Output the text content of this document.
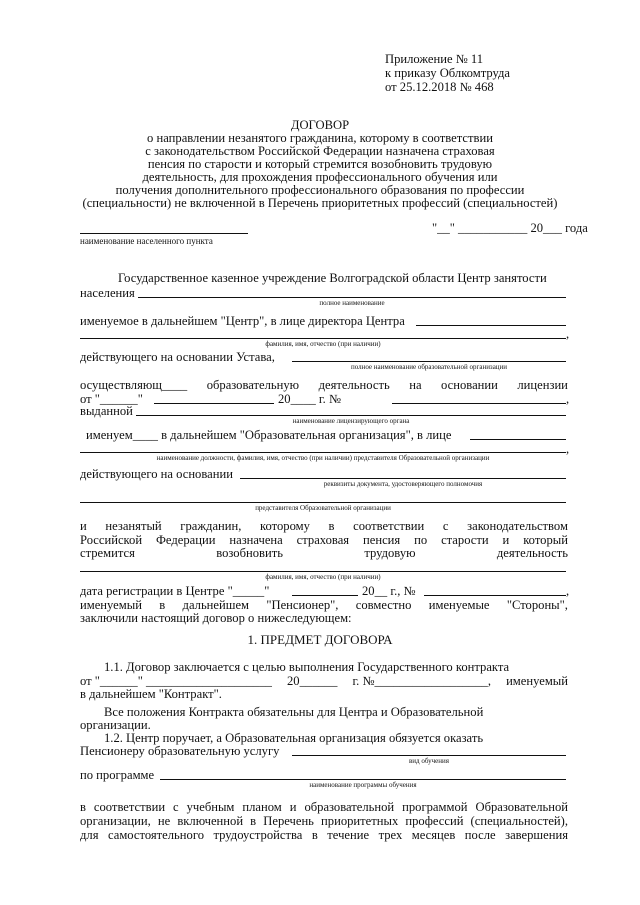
Приложение № 11
к приказу Облкомтруда
от 25.12.2018 № 468
ДОГОВОР
о направлении незанятого гражданина, которому в соответствии
с законодательством Российской Федерации назначена страховая
пенсия по старости и который стремится возобновить трудовую
деятельность, для прохождения профессионального обучения или
получения дополнительного профессионального образования по профессии
(специальности) не включенной в Перечень приоритетных профессий (специальностей)
наименование населенного пункта
"__" ___________ 20___ года
Государственное казенное учреждение Волгоградской области Центр занятости
населения
полное наименование
именуемое в дальнейшем "Центр", в лице директора Центра
,
фамилия, имя, отчество (при наличии)
действующего на основании Устава,
полное наименование образовательной организации
осуществляющ____ образовательную деятельность на основании лицензии
от "______"	20____ г. №	,
выданной
наименование лицензирующего органа
именуем____ в дальнейшем "Образовательная организация", в лице
,
наименование должности, фамилия, имя, отчество (при наличии) представителя Образовательной организации
действующего на основании
реквизиты документа, удостоверяющего полномочия
представителя Образовательной организации
и незанятый гражданин, которому в соответствии с законодательством
Российской Федерации назначена страховая пенсия по старости и который
стремится	возобновить	трудовую	деятельность
фамилия, имя, отчество (при наличии)
дата регистрации в Центре "_____"	20__ г., №	,
именуемый в дальнейшем "Пенсионер", совместно именуемые "Стороны",
заключили настоящий договор о нижеследующем:
1. ПРЕДМЕТ ДОГОВОРА
1.1. Договор заключается с целью выполнения Государственного контракта
от "______" ____________________ 20______ г. №__________________, именуемый
в дальнейшем "Контракт".
Все положения Контракта обязательны для Центра и Образовательной
организации.
1.2. Центр поручает, а Образовательная организация обязуется оказать
Пенсионеру образовательную услугу
вид обучения
по программе
наименование программы обучения
в соответствии с учебным планом и образовательной программой Образовательной
организации, не включенной в Перечень приоритетных профессий (специальностей),
для самостоятельного трудоустройства в течение трех месяцев после завершения
